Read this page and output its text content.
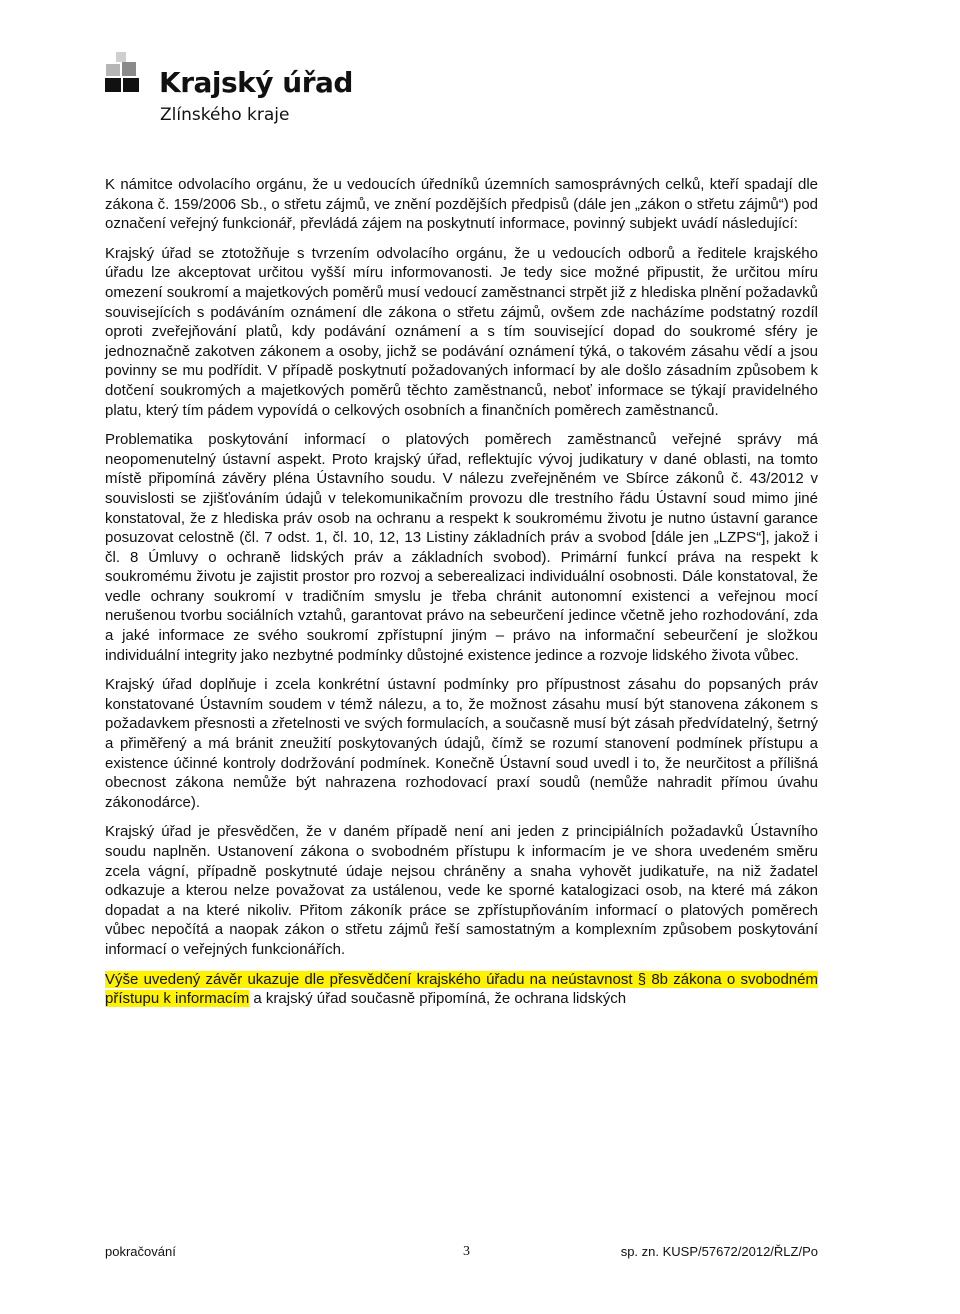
Krajský úřad
Zlínského kraje

K námitce odvolacího orgánu, že u vedoucích úředníků územních samosprávných celků, kteří spadají dle zákona č. 159/2006 Sb., o střetu zájmů, ve znění pozdějších předpisů (dále jen „zákon o střetu zájmů“) pod označení veřejný funkcionář, převládá zájem na poskytnutí informace, povinný subjekt uvádí následující:

Krajský úřad se ztotožňuje s tvrzením odvolacího orgánu, že u vedoucích odborů a ředitele krajského úřadu lze akceptovat určitou vyšší míru informovanosti. Je tedy sice možné připustit, že určitou míru omezení soukromí a majetkových poměrů musí vedoucí zaměstnanci strpět již z hlediska plnění požadavků souvisejících s podáváním oznámení dle zákona o střetu zájmů, ovšem zde nacházíme podstatný rozdíl oproti zveřejňování platů, kdy podávání oznámení a s tím související dopad do soukromé sféry je jednoznačně zakotven zákonem a osoby, jichž se podávání oznámení týká, o takovém zásahu vědí a jsou povinny se mu podřídit. V případě poskytnutí požadovaných informací by ale došlo zásadním způsobem k dotčení soukromých a majetkových poměrů těchto zaměstnanců, neboť informace se týkají pravidelného platu, který tím pádem vypovídá o celkových osobních a finančních poměrech zaměstnanců.

Problematika poskytování informací o platových poměrech zaměstnanců veřejné správy má neopomenutelný ústavní aspekt. Proto krajský úřad, reflektujíc vývoj judikatury v dané oblasti, na tomto místě připomíná závěry pléna Ústavního soudu. V nálezu zveřejněném ve Sbírce zákonů č. 43/2012 v souvislosti se zjišťováním údajů v telekomunikačním provozu dle trestního řádu Ústavní soud mimo jiné konstatoval, že z hlediska práv osob na ochranu a respekt k soukromému životu je nutno ústavní garance posuzovat celostně (čl. 7 odst. 1, čl. 10, 12, 13 Listiny základních práv a svobod [dále jen „LZPS“], jakož i čl. 8 Úmluvy o ochraně lidských práv a základních svobod). Primární funkcí práva na respekt k soukromému životu je zajistit prostor pro rozvoj a seberealizaci individuální osobnosti. Dále konstatoval, že vedle ochrany soukromí v tradičním smyslu je třeba chránit autonomní existenci a veřejnou mocí nerušenou tvorbu sociálních vztahů, garantovat právo na sebeurčení jedince včetně jeho rozhodování, zda a jaké informace ze svého soukromí zpřístupní jiným – právo na informační sebeurčení je složkou individuální integrity jako nezbytné podmínky důstojné existence jedince a rozvoje lidského života vůbec.

Krajský úřad doplňuje i zcela konkrétní ústavní podmínky pro přípustnost zásahu do popsaných práv konstatované Ústavním soudem v témž nálezu, a to, že možnost zásahu musí být stanovena zákonem s požadavkem přesnosti a zřetelnosti ve svých formulacích, a současně musí být zásah předvídatelný, šetrný a přiměřený a má bránit zneužití poskytovaných údajů, čímž se rozumí stanovení podmínek přístupu a existence účinné kontroly dodržování podmínek. Konečně Ústavní soud uvedl i to, že neurčitost a přílišná obecnost zákona nemůže být nahrazena rozhodovací praxí soudů (nemůže nahradit přímou úvahu zákonodárce).

Krajský úřad je přesvědčen, že v daném případě není ani jeden z principiálních požadavků Ústavního soudu naplněn. Ustanovení zákona o svobodném přístupu k informacím je ve shora uvedeném směru zcela vágní, případně poskytnuté údaje nejsou chráněny a snaha vyhovět judikatuře, na niž žadatel odkazuje a kterou nelze považovat za ustálenou, vede ke sporné katalogizaci osob, na které má zákon dopadat a na které nikoliv. Přitom zákoník práce se zpřístupňováním informací o platových poměrech vůbec nepočítá a naopak zákon o střetu zájmů řeší samostatným a komplexním způsobem poskytování informací o veřejných funkcionářích.

Výše uvedený závěr ukazuje dle přesvědčení krajského úřadu na neústavnost § 8b zákona o svobodném přístupu k informacím a krajský úřad současně připomíná, že ochrana lidských

pokračování	3	sp. zn. KUSP/57672/2012/ŘLZ/Po
